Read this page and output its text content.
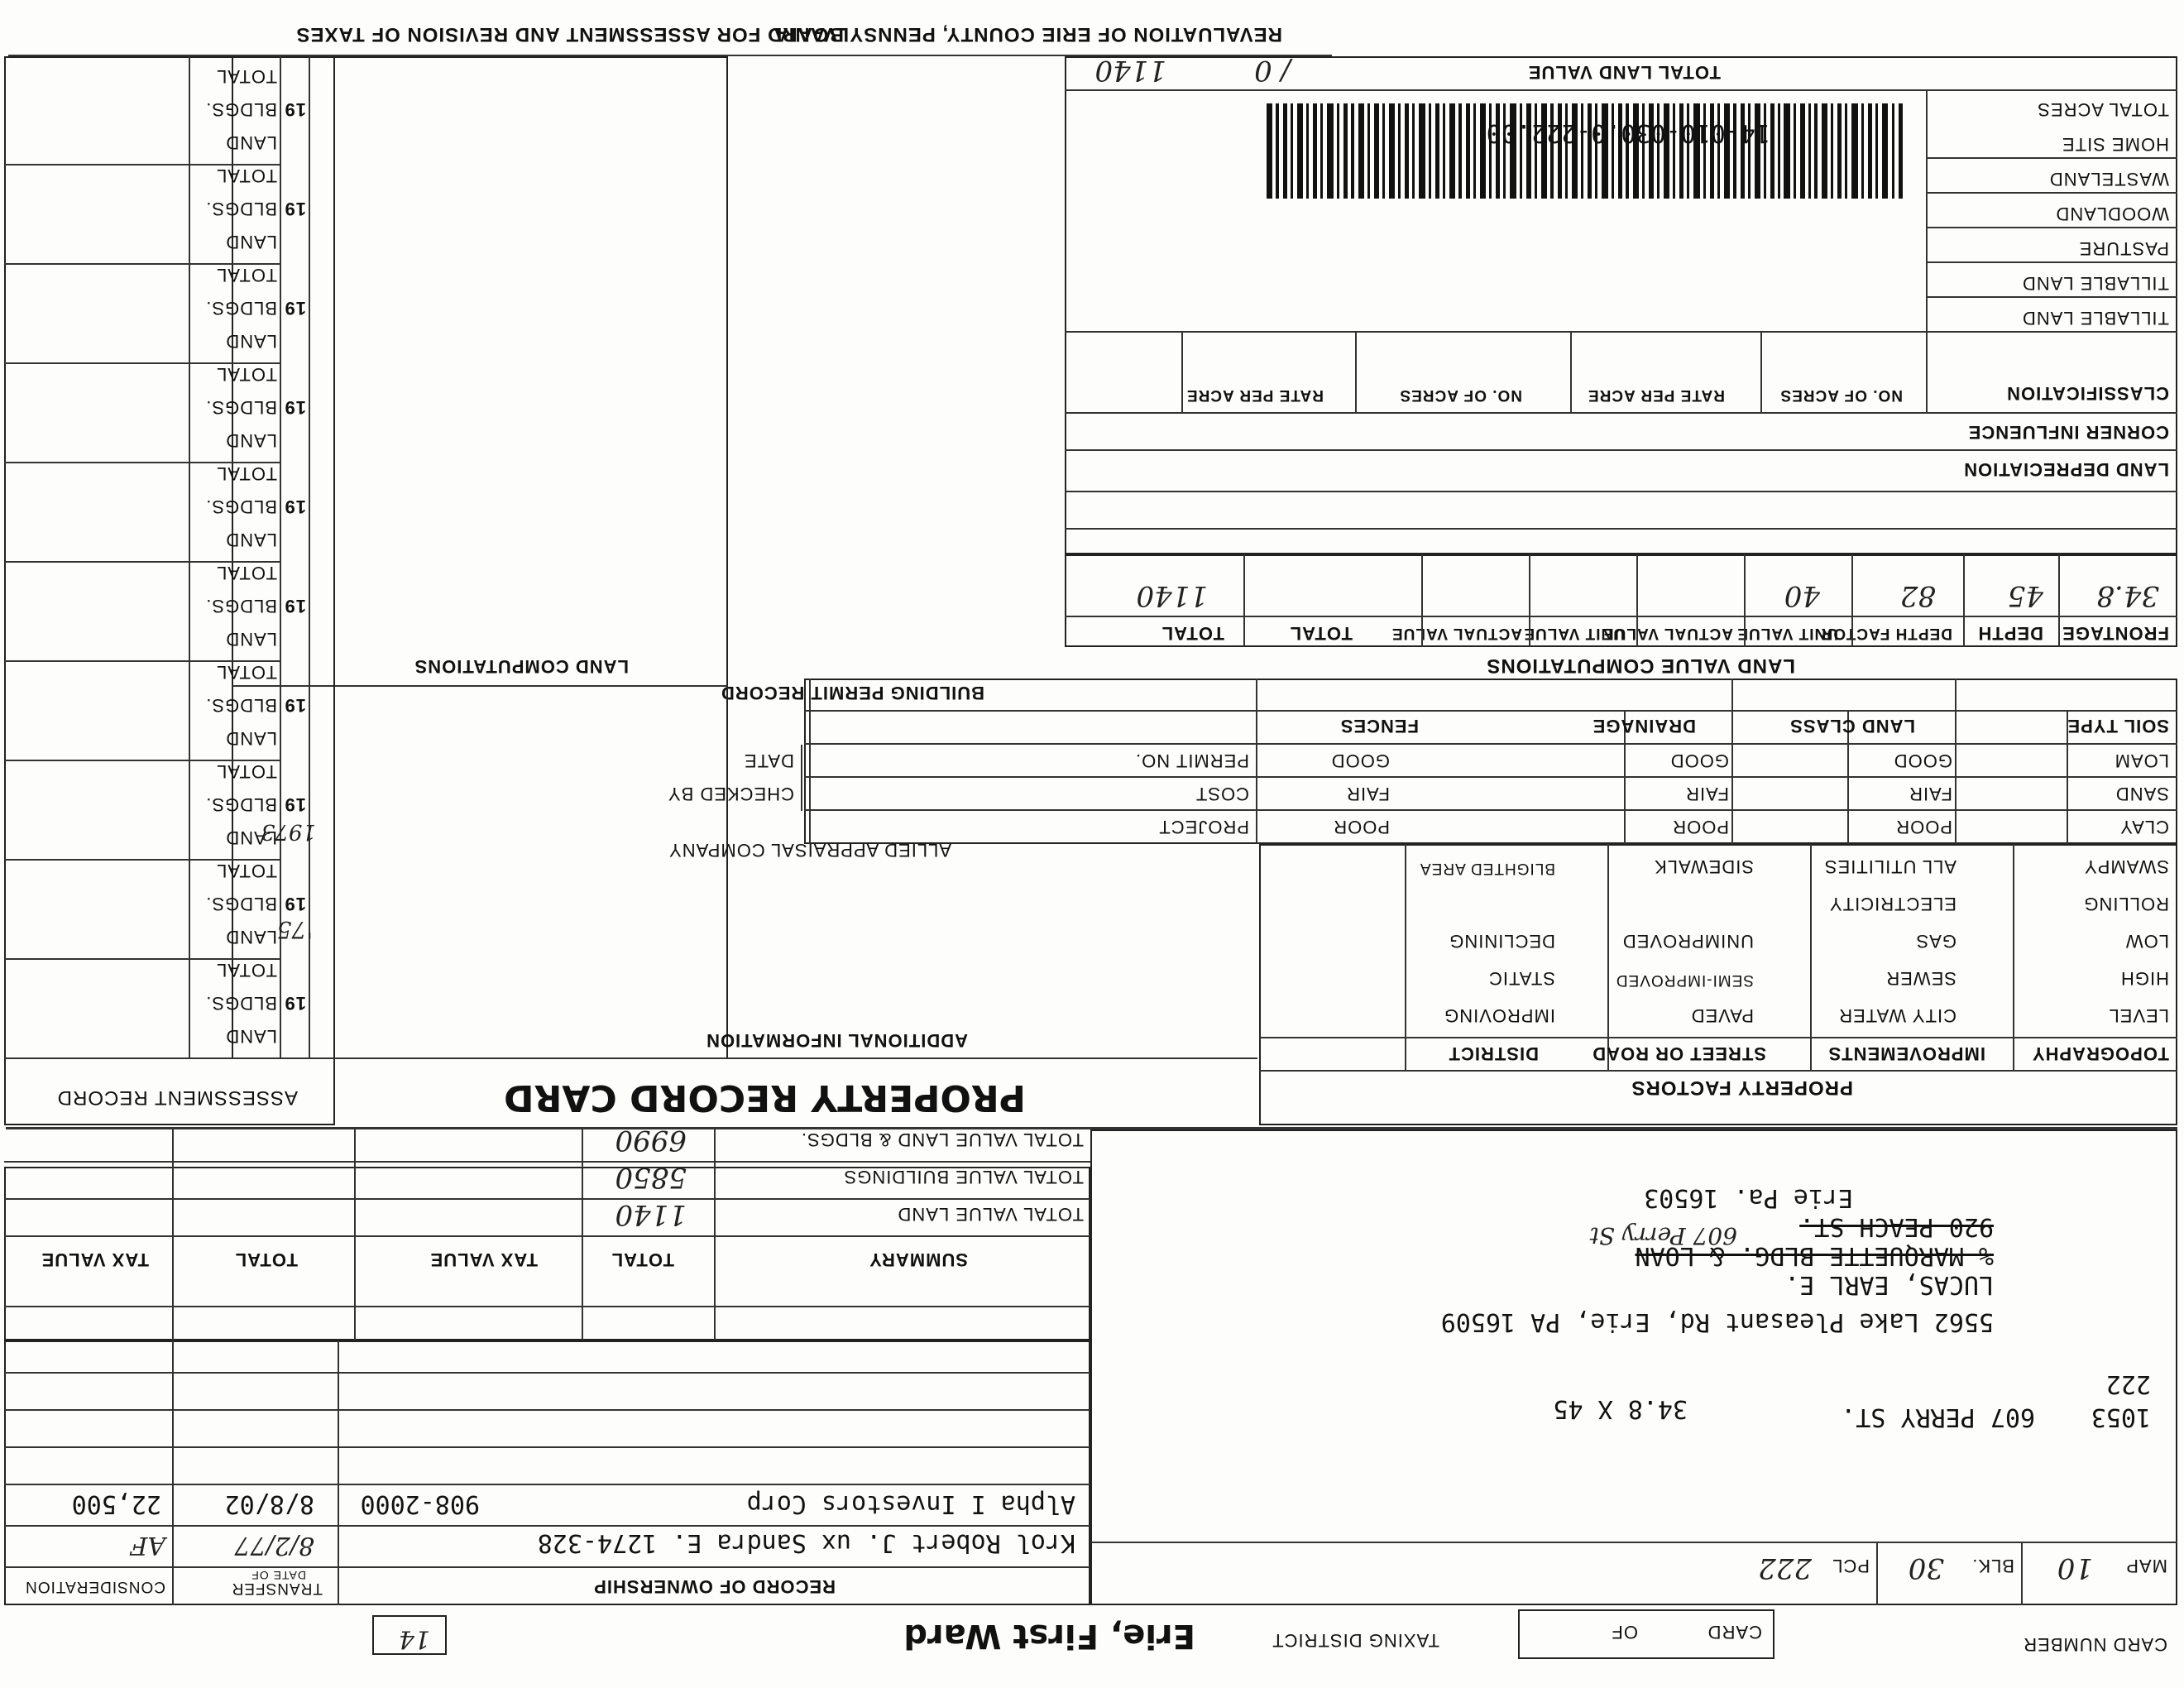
REVALUATION OF ERIE COUNTY, PENNSYLVANIA
BOARD FOR ASSESSMENT AND REVISION OF TAXES
TOTAL LAND VALUE
/ 0
1140
TOTAL ACRES
HOME SITE
WASTELAND
WOODLAND
PASTURE
TILLABLE LAND
TILLABLE LAND
14-010-030.0-222.00
CLASSIFICATION
NO. OF ACRES
RATE PER ACRE
NO. OF ACRES
RATE PER ACRE
CORNER INFLUENCE
LAND DEPRECIATION
FRONTAGE
DEPTH
DEPTH FACTOR
UNIT VALUE
ACTUAL VALUE
UNIT VALUE
ACTUAL VALUE
TOTAL
TOTAL
34.8
45
82
40
1140
LAND VALUE COMPUTATIONS
SOIL TYPE
LAND CLASS
DRAINAGE
FENCES
LOAM
GOOD
GOOD
GOOD
SAND
FAIR
FAIR
FAIR
CLAY
POOR
POOR
POOR
PERMIT NO.
COST
PROJECT
DATE
CHECKED BY
BUILDING PERMIT RECORD
LAND COMPUTATIONS
ALLIED APPRAISAL COMPANY
ADDITIONAL INFORMATION
PROPERTY FACTORS
TOPOGRAPHY
IMPROVEMENTS
STREET OR ROAD
DISTRICT
LEVEL
HIGH
LOW
ROLLING
SWAMPY
CITY WATER
SEWER
GAS
ELECTRICITY
ALL UTILITIES
PAVED
SEMI-IMPROVED
UNIMPROVED
SIDEWALK
IMPROVING
STATIC
DECLINING
BLIGHTED AREA
PROPERTY RECORD CARD
ASSESSMENT RECORD
LAND
BLDGS.
TOTAL
19
LAND
BLDGS.
TOTAL
19
'75
LAND
BLDGS.
TOTAL
19
1973
LAND
BLDGS.
TOTAL
19
LAND
BLDGS.
TOTAL
19
LAND
BLDGS.
TOTAL
19
LAND
BLDGS.
TOTAL
19
LAND
BLDGS.
TOTAL
19
LAND
BLDGS.
TOTAL
19
LAND
BLDGS.
TOTAL
19
SUMMARY
TOTAL VALUE LAND
TOTAL VALUE BUILDINGS
TOTAL VALUE LAND & BLDGS.
TOTAL
TAX VALUE
TOTAL
TAX VALUE
1140
5850
6990
RECORD OF OWNERSHIP
TRANSFER
DATE OF
CONSIDERATION
Krol Robert J. ux Sandra E. 1274-328
8/2/77
AF
Alpha I Investors Corp
908-2000
8/8/02
22,500
MAP
10
BLK.
30
PCL
222
1053
607 PERRY ST.
222
34.8 X 45
5562 Lake Pleasant Rd, Erie, PA 16509
LUCAS, EARL E.
% MARQUETTE BLDG. & LOAN
920 PEACH ST.
607 Perry St
Erie Pa. 16503
CARD NUMBER
CARD
OF
TAXING DISTRICT
Erie, First Ward
14
